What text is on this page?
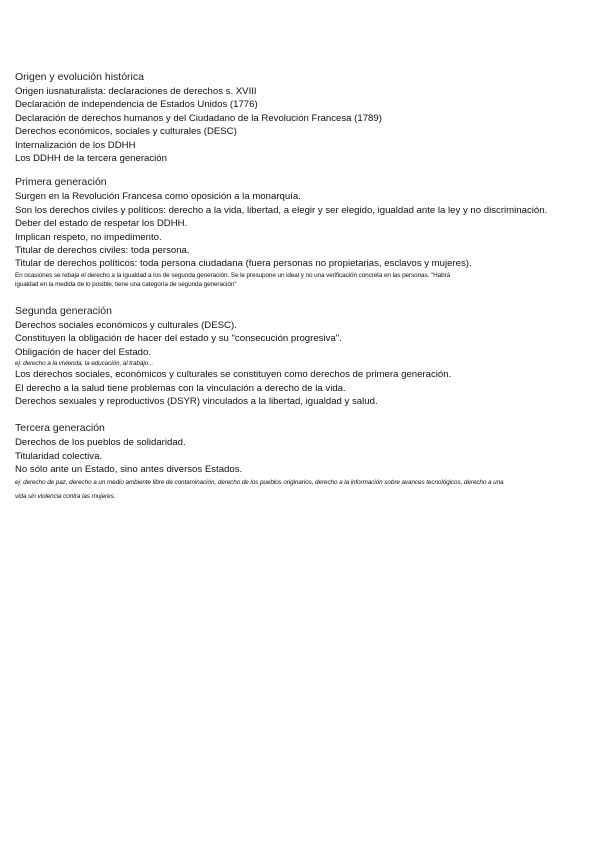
Origen y evolución histórica
Origen iusnaturalista: declaraciones de derechos s. XVIII
Declaración de independencia de Estados Unidos (1776)
Declaración de derechos humanos y del Ciudadano de la Revolución Francesa (1789)
Derechos económicos, sociales y culturales (DESC)
Internalización de los DDHH
Los DDHH de la tercera generación
Primera generación
Surgen en la Revolución Francesa como oposición a la monarquía.
Son los derechos civiles y políticos: derecho a la vida, libertad, a elegir y ser elegido, igualdad ante la ley y no discriminación.
Deber del estado de respetar los DDHH.
Implican respeto, no impedimento.
Titular de derechos civiles: toda persona.
Titular de derechos políticos: toda persona ciudadana (fuera personas no propietarias, esclavos y mujeres).
En ocasiones se rebaja el derecho a la igualdad a los de segunda generación. Se le presupone un ideal y no una verificación concreta en las personas. "Habrá
igualdad en la medida de lo posible, tiene una categoría de segunda generación"
Segunda generación
Derechos sociales económicos y culturales (DESC).
Constituyen la obligación de hacer del estado y su "consecución progresiva".
Obligación de hacer del Estado.
ej: derecho a la vivienda, la educación, al trabajo...
Los derechos sociales, económicos y culturales se constituyen como derechos de primera generación.
El derecho a la salud tiene problemas con la vinculación a derecho de la vida.
Derechos sexuales y reproductivos (DSYR) vinculados a la libertad, igualdad y salud.
Tercera generación
Derechos de los pueblos de solidaridad.
Titularidad colectiva.
No sólo ante un Estado, sino antes diversos Estados.
ej: derecho de paz, derecho a un medio ambiente libre de contaminación, derecho de los pueblos originarios, derecho a la información sobre avances tecnológicos, derecho a una
vida sin violencia contra las mujeres.
